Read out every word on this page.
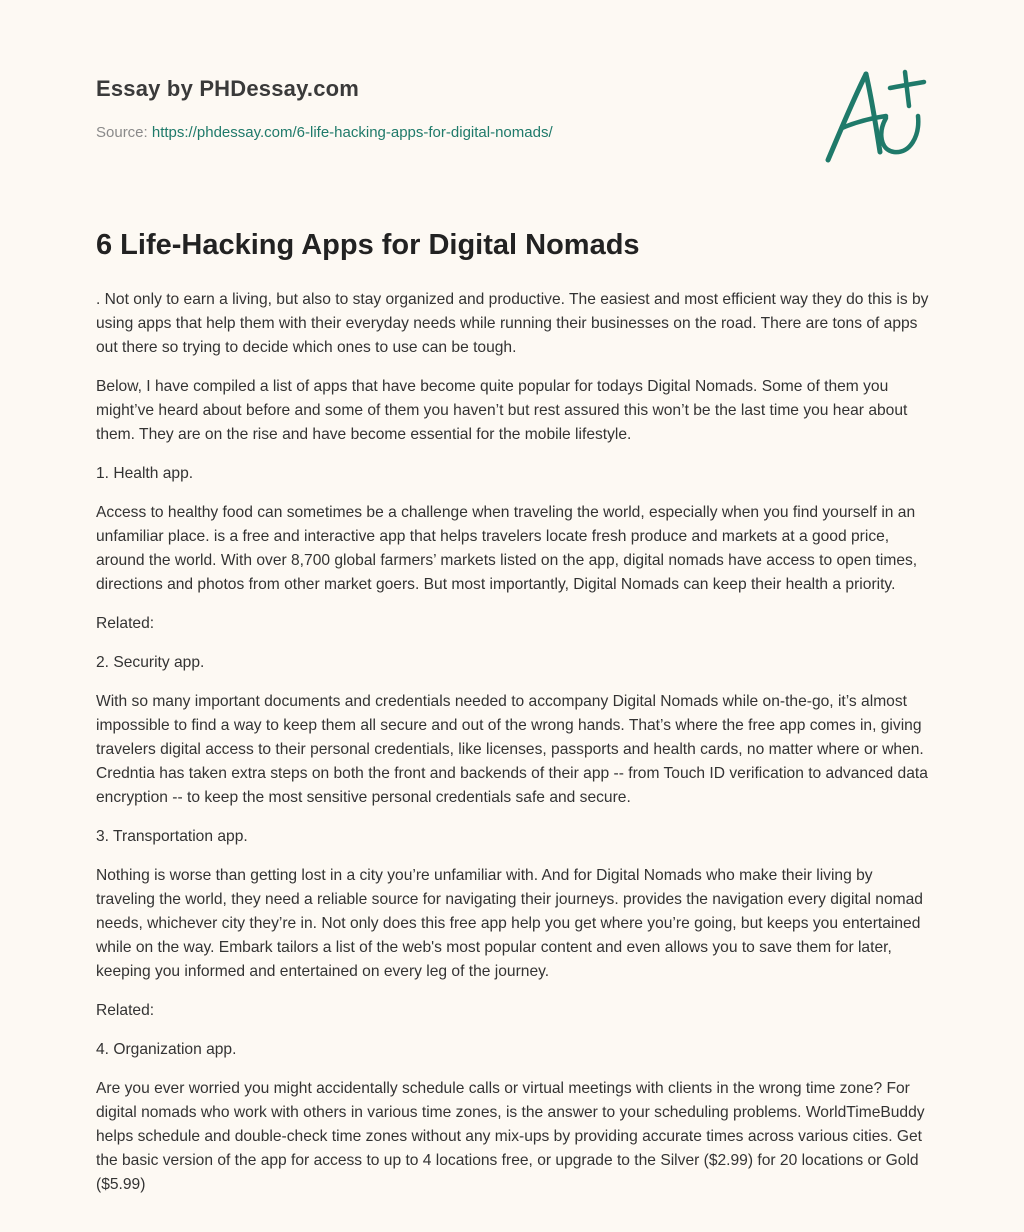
Essay by PHDessay.com
Source: https://phdessay.com/6-life-hacking-apps-for-digital-nomads/
6 Life-Hacking Apps for Digital Nomads

. Not only to earn a living, but also to stay organized and productive. The easiest and most efficient way they do this is by using apps that help them with their everyday needs while running their businesses on the road. There are tons of apps out there so trying to decide which ones to use can be tough.

Below, I have compiled a list of apps that have become quite popular for todays Digital Nomads. Some of them you might’ve heard about before and some of them you haven’t but rest assured this won’t be the last time you hear about them. They are on the rise and have become essential for the mobile lifestyle.

1. Health app.

Access to healthy food can sometimes be a challenge when traveling the world, especially when you find yourself in an unfamiliar place. is a free and interactive app that helps travelers locate fresh produce and markets at a good price, around the world. With over 8,700 global farmers’ markets listed on the app, digital nomads have access to open times, directions and photos from other market goers. But most importantly, Digital Nomads can keep their health a priority.

Related:

2. Security app.

With so many important documents and credentials needed to accompany Digital Nomads while on-the-go, it’s almost impossible to find a way to keep them all secure and out of the wrong hands. That’s where the free app comes in, giving travelers digital access to their personal credentials, like licenses, passports and health cards, no matter where or when. Credntia has taken extra steps on both the front and backends of their app -- from Touch ID verification to advanced data encryption -- to keep the most sensitive personal credentials safe and secure.

3. Transportation app.

Nothing is worse than getting lost in a city you’re unfamiliar with. And for Digital Nomads who make their living by traveling the world, they need a reliable source for navigating their journeys. provides the navigation every digital nomad needs, whichever city they’re in. Not only does this free app help you get where you’re going, but keeps you entertained while on the way. Embark tailors a list of the web's most popular content and even allows you to save them for later, keeping you informed and entertained on every leg of the journey.

Related:

4. Organization app.

Are you ever worried you might accidentally schedule calls or virtual meetings with clients in the wrong time zone? For digital nomads who work with others in various time zones, is the answer to your scheduling problems. WorldTimeBuddy helps schedule and double-check time zones without any mix-ups by providing accurate times across various cities. Get the basic version of the app for access to up to 4 locations free, or upgrade to the Silver ($2.99) for 20 locations or Gold ($5.99)
